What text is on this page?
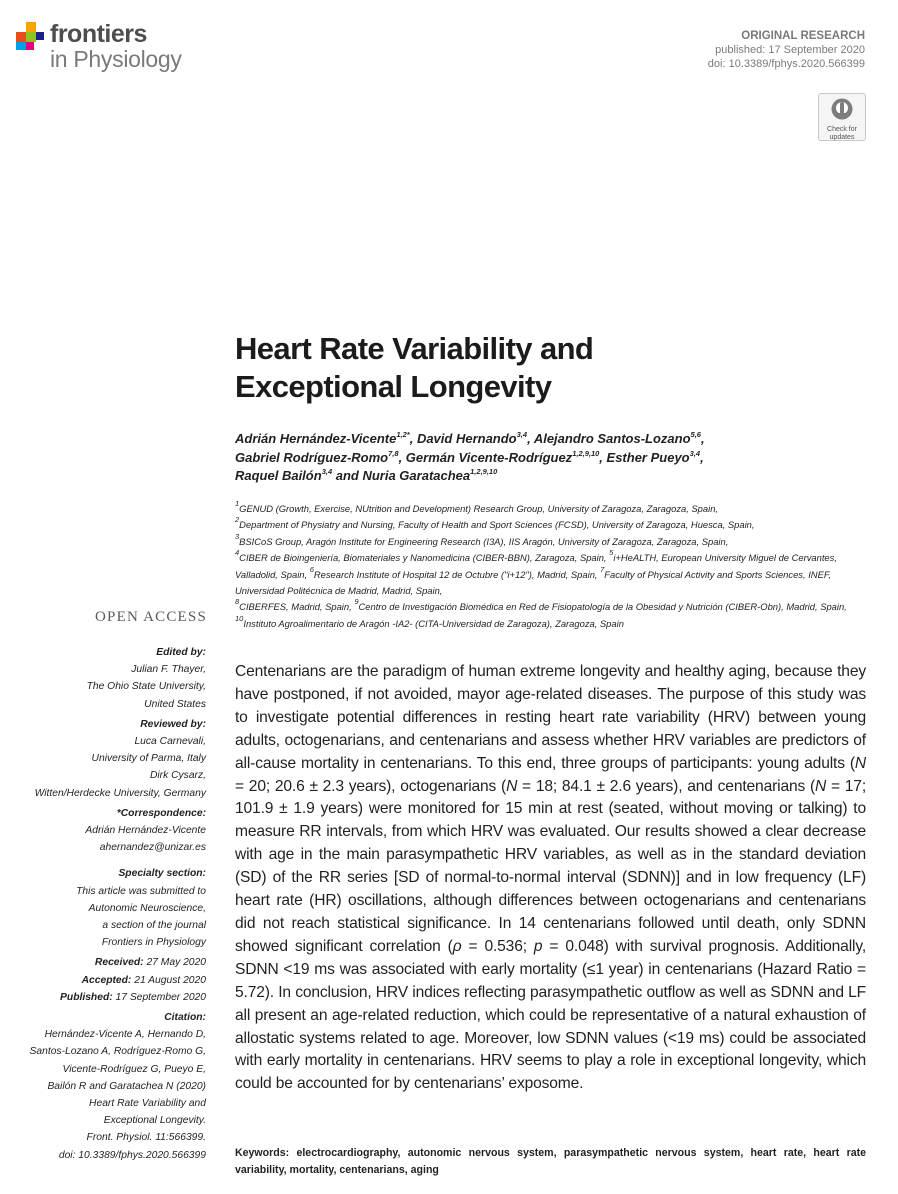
frontiers
in Physiology
ORIGINAL RESEARCH
published: 17 September 2020
doi: 10.3389/fphys.2020.566399
Check for
updates
Heart Rate Variability and
Exceptional Longevity
Adrián Hernández-Vicente$^{1,2*}$, David Hernando$^{3,4}$, Alejandro Santos-Lozano$^{5,6}$,
Gabriel Rodríguez-Romo$^{7,8}$, Germán Vicente-Rodríguez$^{1,2,9,10}$, Esther Pueyo$^{3,4}$,
Raquel Bailón$^{3,4}$ and Nuria Garatachea$^{1,2,9,10}$
$^1$GENUD (Growth, Exercise, NUtrition and Development) Research Group, University of Zaragoza, Zaragoza, Spain,
$^2$Department of Physiatry and Nursing, Faculty of Health and Sport Sciences (FCSD), University of Zaragoza, Huesca, Spain,
$^3$BSICoS Group, Aragón Institute for Engineering Research (I3A), IIS Aragón, University of Zaragoza, Zaragoza, Spain,
$^4$CIBER de Bioingeniería, Biomateriales y Nanomedicina (CIBER-BBN), Zaragoza, Spain, $^5$i+HeALTH, European University Miguel de Cervantes, Valladolid, Spain, $^6$Research Institute of Hospital 12 de Octubre ("i+12"), Madrid, Spain, $^7$Faculty of Physical Activity and Sports Sciences, INEF, Universidad Politécnica de Madrid, Madrid, Spain,
$^8$CIBERFES, Madrid, Spain, $^9$Centro de Investigación Biomédica en Red de Fisiopatología de la Obesidad y Nutrición (CIBER-Obn), Madrid, Spain,
$^{10}$Instituto Agroalimentario de Aragón -IA2- (CITA-Universidad de Zaragoza), Zaragoza, Spain
OPEN ACCESS
Edited by:
Julian F. Thayer,
The Ohio State University,
United States
Reviewed by:
Luca Carnevali,
University of Parma, Italy
Dirk Cysarz,
Witten/Herdecke University, Germany
*Correspondence:
Adrián Hernández-Vicente
ahernandez@unizar.es
Specialty section:
This article was submitted to
Autonomic Neuroscience,
a section of the journal
Frontiers in Physiology
Received: 27 May 2020
Accepted: 21 August 2020
Published: 17 September 2020
Citation:
Hernández-Vicente A, Hernando D,
Santos-Lozano A, Rodríguez-Romo G,
Vicente-Rodríguez G, Pueyo E,
Bailón R and Garatachea N (2020)
Heart Rate Variability and
Exceptional Longevity.
Front. Physiol. 11:566399.
doi: 10.3389/fphys.2020.566399
Centenarians are the paradigm of human extreme longevity and healthy aging, because they have postponed, if not avoided, mayor age-related diseases. The purpose of this study was to investigate potential differences in resting heart rate variability (HRV) between young adults, octogenarians, and centenarians and assess whether HRV variables are predictors of all-cause mortality in centenarians. To this end, three groups of participants: young adults (N = 20; 20.6 ± 2.3 years), octogenarians (N = 18; 84.1 ± 2.6 years), and centenarians (N = 17; 101.9 ± 1.9 years) were monitored for 15 min at rest (seated, without moving or talking) to measure RR intervals, from which HRV was evaluated. Our results showed a clear decrease with age in the main parasympathetic HRV variables, as well as in the standard deviation (SD) of the RR series [SD of normal-to-normal interval (SDNN)] and in low frequency (LF) heart rate (HR) oscillations, although differences between octogenarians and centenarians did not reach statistical significance. In 14 centenarians followed until death, only SDNN showed significant correlation (ρ = 0.536; p = 0.048) with survival prognosis. Additionally, SDNN <19 ms was associated with early mortality (≤1 year) in centenarians (Hazard Ratio = 5.72). In conclusion, HRV indices reflecting parasympathetic outflow as well as SDNN and LF all present an age-related reduction, which could be representative of a natural exhaustion of allostatic systems related to age. Moreover, low SDNN values (<19 ms) could be associated with early mortality in centenarians. HRV seems to play a role in exceptional longevity, which could be accounted for by centenarians’ exposome.
Keywords: electrocardiography, autonomic nervous system, parasympathetic nervous system, heart rate, heart rate variability, mortality, centenarians, aging
